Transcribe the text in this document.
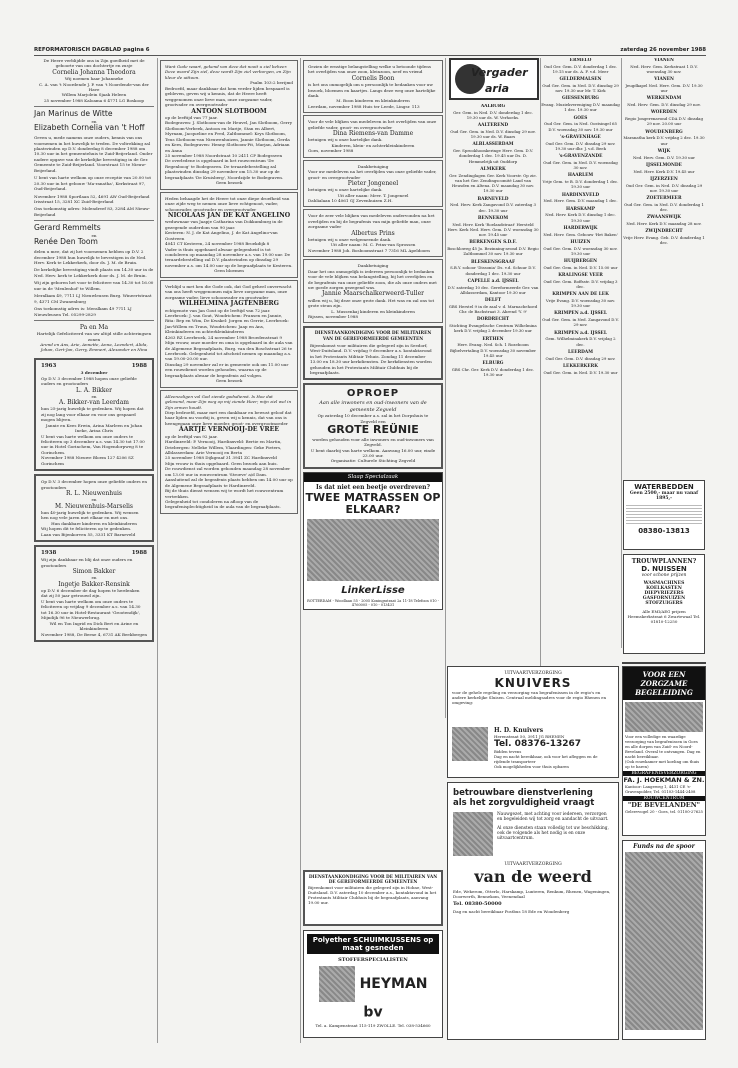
REFORMATORISCH DAGBLAD pagina 6	zaterdag 26 november 1988
De Heere verblijdde ons in Zijn goedheid met de geboorte van ons dochtertje en zusje
Cornelia Johanna Theodora
Wij noemen haar Johanneke
C. A. van 't Noordende J. P. van 't Noordende-van der Have
Willem Marjolein Sjaak Heleen
25 november 1988 Kaloama 6 4771 LG Boskoop
Jan Marinus de Witte
en
Elizabeth Cornelia van 't Hoff
Geven u, mede namens onze ouders, kennis van ons voornemen in het huwelijk te treden. De voltrekking zal plaatsvinden op D.V. donderdag 8 december 1988 om 10.30 uur in het gemeentehuis te Zuid-Beijerland. Onder nadere opgave van de kerkelijke bevestiging in de Ger. Gemeente te Zuid-Beijerland. Voorstraat 15 te Nieuw-Beijerland.
U bent van harte welkom op onze receptie van 20.00 tot 20.30 uur in het gebouw 'Ma-ranatha', Kerkstraat 97, Oud-Beijerland.
November 1988 Sportlaan 52, 4691 AW Oud-Beijerland Irisstraat 15, 3281 XC Zuid-Beijerland
Ons toekomstig adres: Molendreef 83, 3284 AM Nieuw-Beijerland
Gerard Remmelts
en
Renée Den Toom
delen u mee, dat zij het voornemen hebben op D.V. 2 december 1988 hun huwelijk te bevestigen in de Ned. Herv. Kerk te Lekkerkerk, door ds. J. M. de Bruin.
De kerkelijke bevestiging vindt plaats om 14.30 uur in de Ned. Herv. kerk te Lekkerkerk door ds. J. M. de Bruin.
Wij zijn geboren het voor te felicitere van 14.30 tot 16.00 uur in de 'Meulenhof' te Willem.
Meralkam 49, 7711 LJ Nieuwleusen Burg. Wineertstraat 9, 4371 CM Zwanenburg
Ons toekomstig adres is: Meralkam 49 7711 LJ Nieuwleusen Tel. 05299-2829
Pa en Ma
Hartelijk Gefeliciteerd van uw altijd stille achteringsen zonen
Arend en Ans, Arie, Annette, Anna, Leendert, Alida, Johan, Gert-Jan, Gerry, Emmert, Alexander en Nina
1963	1988
3 december
Op D.V. 3 december 1988 hopen onze geliefde ouders en grootouders
L. A. Bikker
en
A. Bikker-van Leerdam
hun 25-jarig huwelijk te gedenken. Wij hopen dat zij nog lang voor elkaar en voor ons gespaard mogen blijven.
Jannie en Kees Erwin, Arina Marleen en Johan Ineke, Arina Chris
U bent van harte welkom om onze ouders te feliciteren op 3 december a.s. van 14.30 tot 17.00 uur in Hotel Gorinchem, Van Hogendorpweg 8 te Gorinchem.
November 1988 Nieuwe Bloem 127 4206 SZ Gorinchem
Op D.V. 3 december hopen onze geliefde ouders en grootouders
R. L. Nieuwenhuis
en
M. Nieuwenhuis-Marselis
hun 40-jarig huwelijk te gedenken. Wij wensen hen nog vele jaren met elkaar en met ons.
Hun dankbare kinderen en kleinkinderen
Wij hopen dit te feliciteren op te gedenken.
Laan van Bijenkorven 55, 3331 KT Barneveld
1938	1988
Wij zijn dankbaar en blij dat onze ouders en grootouders
Simon Bakker
en
Ingetje Bakker-Rensink
op D.V. 6 december de dag hopen te herdenken dat zij 50 jaar getrouwd zijn.
U bent van harte welkom om onze ouders te feliciteren op vrijdag 9 december a.s. van 14.30 tot 16.30 uur in Hotel-Restaurant 'Grootendijk', Mijndijk 96 te Nieuwerbrug.
Wil en Ton Ingrid en Dick Bert en Arine en kleinkinderen
November 1988, De Berne 4, 6731 AK Beekbergen
Want Gode waart, gekend van deze dat nooit u ziel beheer. Deze woord Zijn ziel, deze wordt Zijn ziel verborgen, en Zijn kleur de uittoon.
Psalm 103:2 berijmd
Bedroefd, maar dankbaar dat hem verder lijden bespaard is gebleven, geven wij u kennis, dat de Heere heeft weggenomen onze lieve man, onze zorgzame vader, grootvader en overgrootvader
ANTOON SLOTBOOM
op de leeftijd van 77 jaar.
Bodegraven: J. Slotboom-van de Heuvel, Jan Slotboom, Gerry Slotboom-Verbeek, Antoon en Marije, Stan en Albert, Myrnam, Jacqueline en Fred, Zaltbommel: Krys Slotboom, Teus Slotboom-van Nieuwenhuizen, Jannie Slotboom, Gerda en Kees, Bodegraven: Henny Slotboom-Pit, Marjan, Adriaan en Anna
25 november 1988 Noordstraat 10 2411 CP Bodegraven
De overledene is opgebaard in het rouwcentrum 'De Regenboog' te Bodegraven. De teraardebestelling zal plaatsvinden dinsdag 29 november om 15.30 uur op de begraafplaats 'De Kruisberg', Noordzijde te Bodegraven.
Geen bezoek
Heden behaagde het de Heere tot onze diepe droefheid van onze zijde weg te nemen onze lieve echtgenoot, vader, schoonvader, grootvader en overgrootvader
NICOLAAS JAN DE KAT ANGELINO
weduwnaar van Jaapje Catharina van Dokkumburg in de gezegende ouderdom van 90 jaar.
Kesteren: N. J. de Kat Angelino, J. de Kat Angelino-van Oostveen
4041 CT Kesteren, 24 november 1988 Broekdijk 8
Vader is thuis opgebaard alwaar gelegenheid is tot condoleren op maandag 28 november a.s. van 19.00 uur. De teraardebestelling zal D.V. plaatsvinden op dinsdag 29 november a.s. om 14.00 uur op de begraafplaats te Kesteren.
Geen bloemen
Verblijd u met hen die Gode ook, dat God geheel onverwacht van ons heeft weggenomen mijn lieve zorgzame man, onze zorgzame vader, lieve schoonvader en grootvader
WILHELMINA JAGTENBERG
echtgenote van Jan Gout op de leeftijd van 72 jaar.
Leerbroek: J. van Gout, Woudrichem: Fransen en Jannie, Rita: Bep en Wim, De Kwakel: Jorgen en Gerrie, Leerbroek: Jan-Willem en Truus, Woudrichem: Jaap en Ans, Kleinkinderen en achterkleinkinderen
4263 RZ Leerbroek, 24 november 1988 Broedenstraat 9
Mijn vrouw, onze moeder en oma is opgebaard in de aula van de Algemene Begraafplaats, Burg. van den Boschstraat 26 te Leerbroek. Gelegenheid tot afscheid nemen op maandag a.s. van 19.00-20.00 uur.
Dinsdag 29 november zal er in gemeente ook om 11.00 uur een rouwdienst worden gehouden, waarna op de begraafplaats alwaar de begrafenis zal volgen.
Geen bezoek
Alleenzaligen vol God ziende godsdienst. Is Hoe dat gelovend, maar Zijn weg op mij ziende Heer; mijn ziel wel in Zijn armen houdt.
Diep bedroefd, maar met een dankbaar en bewust geloof dat haar lijden nu voorbij is, geven wij u kennis, dat van ons is heengegaan onze lieve moeder, groot- en overgrootmoeder
AARTJE VERNOOIJ-DE VREE
op de leeftijd van 92 jaar.
Hardinxveld: P. Vernooij, Hardinxveld: Bertie en Martin, Driebergen: Nelleke Willem, Vlaardingen: Geke Pieters, Alblasserdam: Arie Vernooij en Berta
25 november 1988 Dijkgraaf 31 3941 ZC Hardinxveld
Mijn vrouw is thuis opgebaard. Geen bezoek aan huis.
De rouwdienst zal worden gehouden maandag 28 november om 13.00 uur in rouwcentrum 'Stroeve' a/d Dam. Aansluitend zal de begrafenis plaats hebben om 14.00 uur op de Algemene Begraafplaats te Hardinxveld.
Bij de thuis dienst wensen wij te wordt het rouwcentrum vertrekken.
Gelegenheid tot condoleren na afloop van de begrafenisplechtigheid in de aula van de begraafplaats.
Gezien de ernstige belangstelling welke u betoonde tijdens het overlijden van onze zoon, kleinzoon, neef en vriend
Cornelis Boon
is het ons onmogelijk om u persoonlijk te bedanken voor uw bezoek, bloemen en kaartjes. Langs deze weg onze hartelijke dank.
M. Boon kinderen en kleinkinderen
Leerdam, november 1988 Huis ter Leede, Lingsr. 113
Voor de vele blijken van medeleven in het overlijden van onze geliefde vader, groot- en overgrootvader
Dina Riemens-van Damme
betuigen wij u onze hartelijke dank.
Kinderen, klein- en achterkleinkinderen
Goes, november 1988
Dankbetuiging
Voor uw medeleven na het overlijden van onze geliefde vader, groot- en overgrootvader
Pieter Jongeneel
betuigen wij u onze hartelijke dank.
Uit aller naam: Mevr. T. Jongeneel
Dahlialaan 10 4061 GJ Zevenhuizen Z.H.
Voor de zeer vele blijken van medeleven ondervonden na het overlijden en bij de begrafenis van mijn geliefde man, onze zorgzame vader
Albertus Prins
betuigen wij u onze welgemeende dank.
Uit aller naam: M. C. Prins-van Sprossen
November 1988 Joh. Bosboomstraat 7 7316 ML Apeldoorn
Dankbetuiging
Daar het ons onmogelijk is iedereen persoonlijk te bedanken voor de vele blijken van belangstelling, bij het overlijden en de begrafenis van onze geliefde zoon, die als onze ouders met uw goede zorgen gezegend was.
Jannie Maarschalkerweerd-Tuller
willen wij u, bij deze onze grote dank. Het was en zal ons tot grote steun zijn.
L. Mussenkaj kinderen en kleinkinderen
Rijssen, november 1988
DIENSTAANKONDIGING VOOR DE MILITAIREN VAN DE GEREFORMEERDE GEMEENTEN
Bijeenkomst voor militairen die gelegerd zijn in Seedorf, West-Duitsland. D.V. vrijdag 9 december a.s. kontaktavond in het Protestants Militair Tehuis. Zondag 11 december 13.00 en 18.30 uur kerkdiensten. De kerkdiensten worden gehouden in het Protestants Militair Clubhuis bij de begraafplaats.
OPROEP
Aan alle inwoners en oud-inwoners van de gemeente Zegveld
Op zaterdag 10 december a.s. zal in het Dorpshuis te Zegveld een
GROTE REÜNIE
worden gehouden voor alle inwoners en oud-inwoners van Zegveld.
U bent daarbij van harte welkom. Aanvang 16.00 uur, einde 23.00 uur.
Organisatie: Culturele Stichting Zegveld
Slaap Specialzaak
Is dat niet een beetje overdreven?
TWEE MATRASSEN OP ELKAAR?
LinkerLisse
ROTTERDAM - Woodlaan 55 - 2005 Koningsstraat 2a 11-18 Telefoon 010 - 4760005 - 010 - 013431
Vergader
aria
AALBURG
Ger. Gem. in Ned. D.V. donderdag 1 dec. 19.30 uur ds. W. Verhoeks.
AALTEREND
Oud Ger. Gem. in Ned. D.V. dinsdag 29 nov. 19.30 uur ds. W. Baars
ALBLASSERDAM
Ger. Sprookhoonkeringe Herv. Gem. D.V. donderdag 1 dec. 19.45 uur Ds. D. Hemmelrijk uit Ouddorp
ALMKERK
Ger. Zendinglagen Ger. Kerk Voorstr. Op zie. van het Ger. Zendingscomité Land van Heusden en Altena. D.V. maandag 30 nov. 19.30 uur
BARNEVELD
Ned. Herv. Kerk Zangavond D.V. zaterdag 3 dec. 19.30 uur
BENNEKOM
Ned. Herv. Kerk 'Roelandstraat' Hersteld Herv. Kerk Ned. Herv. Gem. D.V. woensdag 30 nov. 19.45 uur
BERKENGEN S.D.F.
Boschloweg 45 Jo. Bezinning-avond D.V. Regio Zaltbommel 30 nov. 19.30 uur
BLESKENSGRAAF
S.B.Y. sohoor 'Dissonia' Ds. v.d. Schuur D.V. donderdag 1 dec. 19.30 uur
CAPELLE a.d. IJSSEL
D.V. zaterdag 10 dec. Gereformeerde Ger. van Alblasserdam, Kantoor 19.30 uur
DELFT
GBS Herstel 9 in de zaal v. d. Marnacbehoed Chr. de Bachstraat 3. Ahrend 'Y. 9'
DORDRECHT
Stichting Evangelische Centrum Wilhelmina kerk D.V. vrijdag 2 december 19.30 uur
ERTHEN
Herv. Evang. Ned. Sch. 1 Rozeboom Bijbelvertaling D.V. woensdag 30 november 19.45 uur
ELBURG
GBS Chr. Ger. Kerk D.V. donderdag 1 dec. 19.30 uur
ERMELO
Oud Ger. Gem. D.V. donderdag 1 dec. 19.15 uur ds. A. F. v.d. Meer
GELDERMALSEN
Oud Ger. Gem. in Ned. D.V. dinsdag 29 nov. 19.30 uur Mr. T. Kirk
GIESSENBURG
Evang. Muziekvereniging D.V. maandag 1 dec. 19.30 uur
GOES
Oud Ger. Gem. in Ned. Oostsingel 65 D.V. woensdag 30 nov. 19.30 uur
's-GRAVENHAGE
Oud Ger. Gem. D.V. dinsdag 29 nov. 19.30 uur dhr. J. v.d. Beek
's-GRAVENZANDE
Oud Ger. Gem. in Ned. D.V. woensdag 30 nov.
HAARLEM
Vrije Gem. te B. D.V. donderdag 1 dec. 19.30 uur
HARDINXVELD
Ned. Herv. Gem. D.V. maandag 1 dec.
HARSKAMP
Ned. Herv. Kerk D.V. dinsdag 1 dec. 19.30 uur
HARDERWIJK
Ned. Herv. Gem. Gebouw 'Het Baken'
HUIZEN
Oud Ger. Gem. D.V. woensdag 30 nov. 19.30 uur
HUIJBERGEN
Oud Ger. Gem. in Ned. D.V. 15.00 uur
KRALINGSE VEER
Oud Ger. Gem. Boffsstr. D.V. vrijdag 3 dec.
KRIMPEN AAN DE LEK
Vrije Evang. D.V. woensdag 30 nov. 19.30 uur
KRIMPEN a.d. IJSSEL
Oud Ger. Gem. in Ned. Zangavond D.V. 29 nov.
KRIMPEN a.d. IJSSEL
Gem. Wilhelminakerk D.V. vrijdag 2 dec.
LEERDAM
Oud Ger. Gem. D.V. dinsdag 29 nov.
LEKKERKERK
Oud Ger. Gem. in Ned. D.V. 19.30 uur
WATERBEDDEN
Geen 2500,- maar nu vanaf 1895,-
08380-13813
TROUWPLANNEN?
D. NUISSEN
voor schone prijzen
WASMACHINES KOELKASTEN DIEPVRIEZERS GASFORNUIZEN STOFZUIGERS
Alle EMI/AEG prijzen
Heemskerkstraat 6 Zwartewaal Tel. 01810-12250
VIANEN
Ned. Herv. Gem. Kerkstraat 1 D.V. woensdag 30 nov.
VIANEN
Jeugdkapel Ned. Herv. Gem. D.V. 19.30 uur
WERKENDAM
Ned. Herv. Gem. D.V. dinsdag 29 nov.
WOERDEN
Regio Jongerenavond CDA D.V. dinsdag 29 nov. 20.00 uur
WOUDENBERG
Maranatha kerk D.V. vrijdag 2 dec. 19.30 uur
WIJK
Ned. Herv. Gem. D.V. 19.30 uur
IJSSELMONDE
Ned. Herv. Kerk D.V. 19.45 uur
IJZERZEEN
Oud Ger. Gem. in Ned. D.V. dinsdag 29 nov. 19.30 uur
ZOETERMEER
Oud Ger. Gem. in Ned. D.V. donderdag 1 dec.
ZWAANSWIJK
Ned. Herv. Kerk D.V. maandag 28 nov.
ZWIJNDRECHT
Vrije Herv. Evang. Geb. D.V. donderdag 1 dec.
UITVAARTVERZORGING
KNUIVERS
voor de gehele regeling en verzorging van begrafenissen in de regio's en andere kerkelijke Sluisen. Centraal meldingsadres voor de regio Rhenen en omgeving:
H. D. Knuivers
Herenstraat 50, 3911 JG RHENEN
Tel. 08376-13267
Bidden tevens
Dag en nacht bereikbaar, ook voor het afleggen en de rijdende transporteer
Ook mogelijkheden voor thuis opbaren
betrouwbare dienstverlening
als het zorgvuldigheid vraagt
Nauwgezet, met achting voor iedereen, verzorgen en begeleiden wij tot zorg en aandacht de uitvaart.
Al onze diensten staan volledig tot uw beschikking, ook de volgende als het nodig is en onze uitvaartcentrum.
UITVAARTVERZORGING
van de weerd
Ede, Wekerom, Otterlo, Harskamp, Lunteren, Renkum, Rhenen, Wageningen, Doorwerth, Bennekom, Veenendaal
Tel. 08380-50000
Dag en nacht bereikbaar Postbus 18 Ede en Woudenberg
DIENSTAANKONDIGING VOOR DE MILITAIREN VAN DE GEREFORMEERDE GEMEENTEN
Bijeenkomst voor militairen die gelegerd zijn in Hohne, West-Duitsland. D.V. zaterdag 10 december a.s., kontaktavond in het Protestants Militair Clubhuis bij de begraafplaats, aanvang 19.00 uur.
Polyether SCHUIMKUSSENS op maat gesneden
STOFFERSPECIALISTEN
HEYMAN bv
Tel. a. Kampenstraat 115-119 ZWOLLE. Tel. 038-534660
VOOR EEN ZORGZAME BEGELEIDING
Voor een volledige en waardige verzorging van begrafenissen in Goes en alle dorpen van Zuid- en Noord-Beveland. Overal te ontvangen. Dag en nacht bereikbaar.
(Ook rouwkamer met koeling om thuis op te baren)
BEGRAFENISVERZORGING
FA. J. HOEKMAN & ZN.
Kantoor: Langeweg 1, 4431 CE 's-Gravenpolder, Tel. 01103-1444-2408
ROUWCENTRUM
"DE BEVELANDEN"
Geleevvogel 20 - Goes, tel. 01100-27625
Funds na de spoor
